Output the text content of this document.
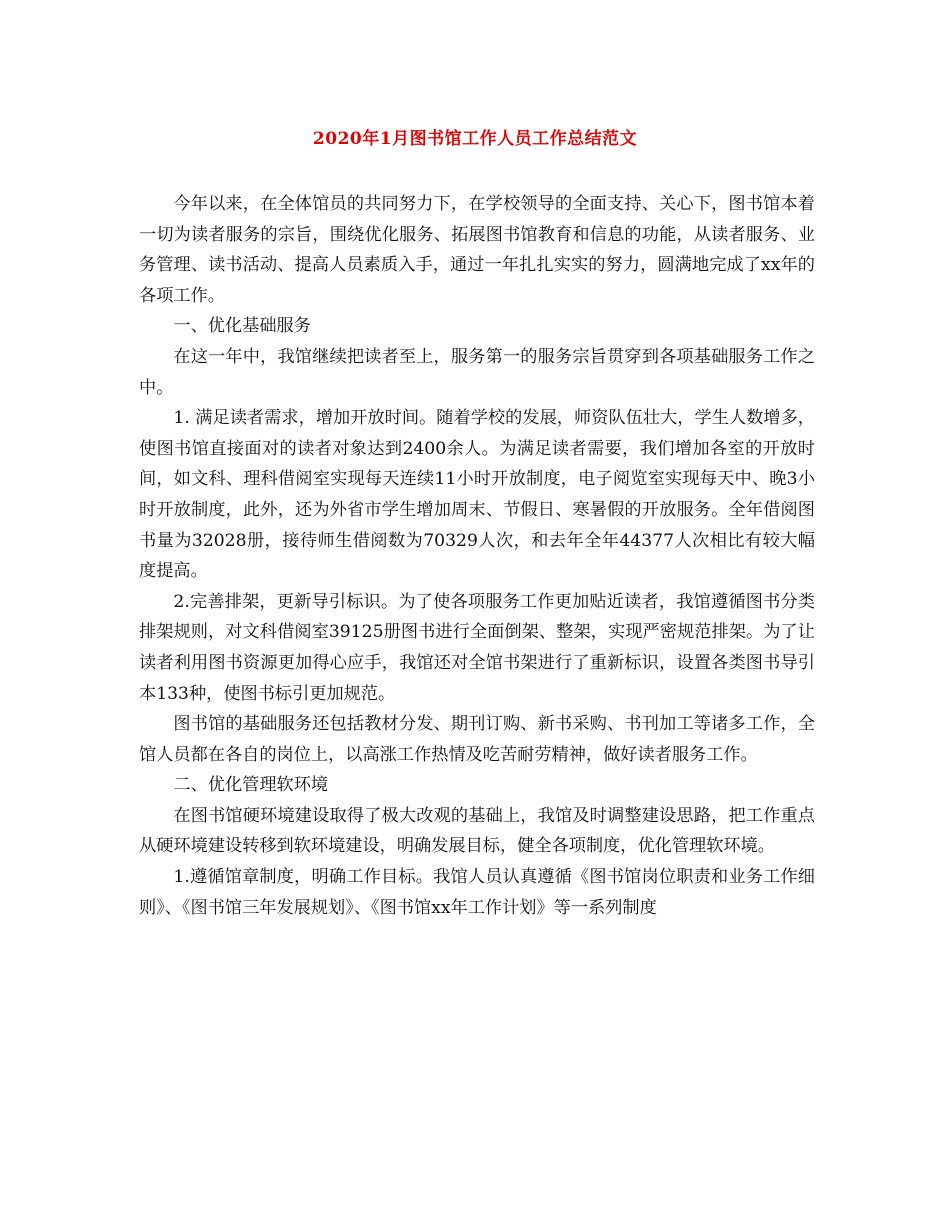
2020年1月图书馆工作人员工作总结范文

今年以来，在全体馆员的共同努力下，在学校领导的全面支持、关心下，图书馆本着一切为读者服务的宗旨，围绕优化服务、拓展图书馆教育和信息的功能，从读者服务、业务管理、读书活动、提高人员素质入手，通过一年扎扎实实的努力，圆满地完成了xx年的各项工作。

一、优化基础服务

在这一年中，我馆继续把读者至上，服务第一的服务宗旨贯穿到各项基础服务工作之中。

1. 满足读者需求，增加开放时间。随着学校的发展，师资队伍壮大，学生人数增多，使图书馆直接面对的读者对象达到2400余人。为满足读者需要，我们增加各室的开放时间，如文科、理科借阅室实现每天连续11小时开放制度，电子阅览室实现每天中、晚3小时开放制度，此外，还为外省市学生增加周末、节假日、寒暑假的开放服务。全年借阅图书量为32028册，接待师生借阅数为70329人次，和去年全年44377人次相比有较大幅度提高。

2.完善排架，更新导引标识。为了使各项服务工作更加贴近读者，我馆遵循图书分类排架规则，对文科借阅室39125册图书进行全面倒架、整架，实现严密规范排架。为了让读者利用图书资源更加得心应手，我馆还对全馆书架进行了重新标识，设置各类图书导引本133种，使图书标引更加规范。

图书馆的基础服务还包括教材分发、期刊订购、新书采购、书刊加工等诸多工作，全馆人员都在各自的岗位上，以高涨工作热情及吃苦耐劳精神，做好读者服务工作。

二、优化管理软环境

在图书馆硬环境建设取得了极大改观的基础上，我馆及时调整建设思路，把工作重点从硬环境建设转移到软环境建设，明确发展目标，健全各项制度，优化管理软环境。

1.遵循馆章制度，明确工作目标。我馆人员认真遵循《图书馆岗位职责和业务工作细则》、《图书馆三年发展规划》、《图书馆xx年工作计划》等一系列制度
